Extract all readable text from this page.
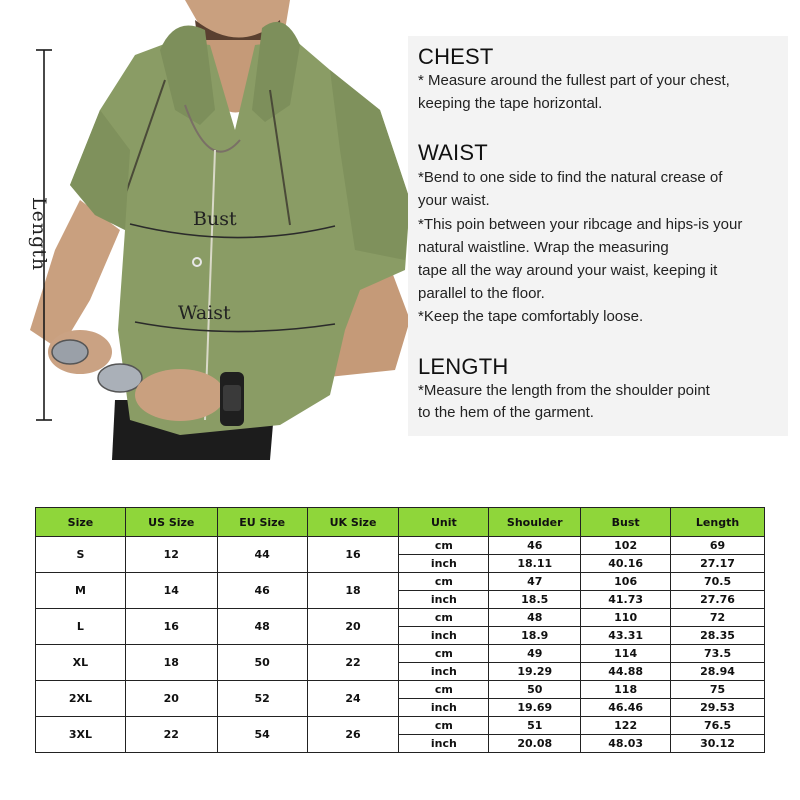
Length	Bust
Waist
CHEST
* Measure around the fullest part of your chest,
keeping the tape horizontal.
WAIST
*Bend to one side to find the natural crease of
your waist.
*This poin between your ribcage and hips-is your
natural waistline. Wrap the measuring
tape all the way around your waist, keeping it
parallel to the floor.
*Keep the tape comfortably loose.
LENGTH
*Measure the length from the shoulder point
to the hem of the garment.
Size	US Size	EU Size	UK Size	Unit	Shoulder	Bust	Length
S	12	44	16	cm	46	102	69
				inch	18.11	40.16	27.17
M	14	46	18	cm	47	106	70.5
				inch	18.5	41.73	27.76
L	16	48	20	cm	48	110	72
				inch	18.9	43.31	28.35
XL	18	50	22	cm	49	114	73.5
				inch	19.29	44.88	28.94
2XL	20	52	24	cm	50	118	75
				inch	19.69	46.46	29.53
3XL	22	54	26	cm	51	122	76.5
				inch	20.08	48.03	30.12
